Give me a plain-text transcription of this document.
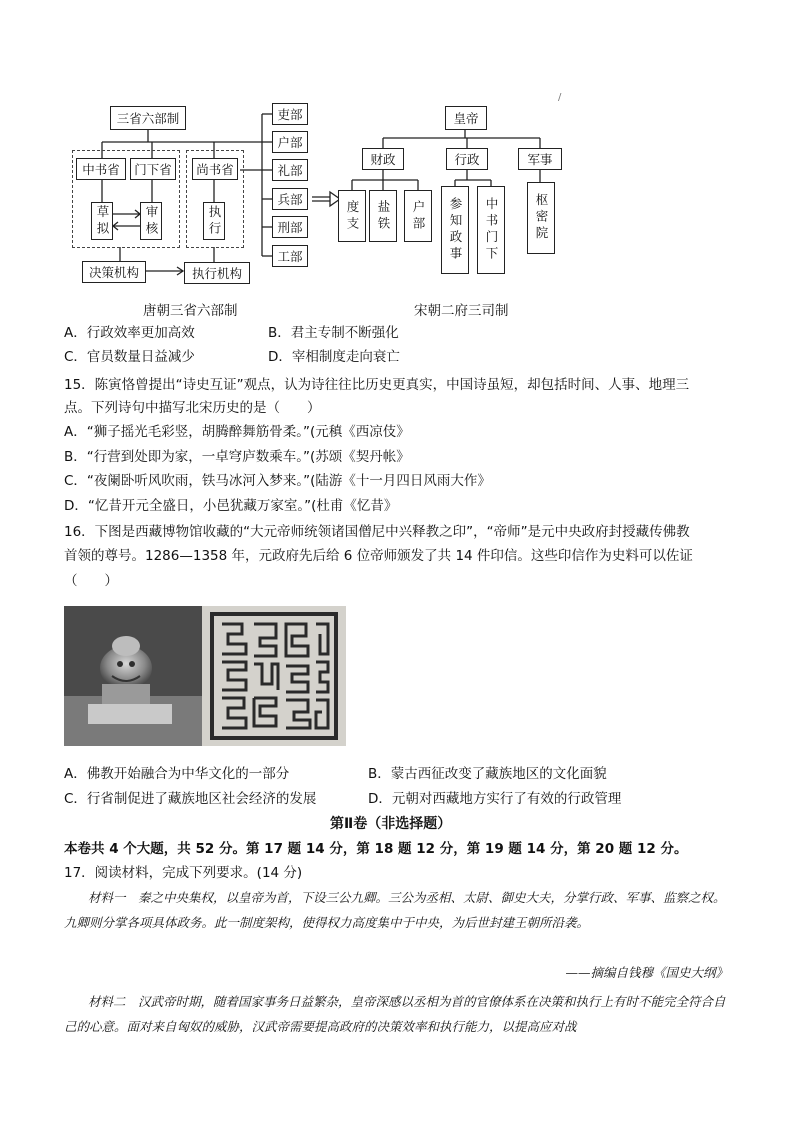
三省六部制
中书省	门下省	尚书省
草拟	审核	执行
决策机构	执行机构
吏部
户部
礼部
兵部
刑部
工部
皇帝
财政	行政	军事
度支	盐铁	户部	参知政事	中书门下	枢密院
唐朝三省六部制	宋朝二府三司制
A．行政效率更加高效	B．君主专制不断强化
C．官员数量日益减少	D．宰相制度走向衰亡
15．陈寅恪曾提出“诗史互证”观点，认为诗往往比历史更真实，中国诗虽短，却包括时间、人事、地理三
点。下列诗句中描写北宋历史的是（　　）
A．“狮子摇光毛彩竖，胡腾醉舞筋骨柔。”(元稹《西凉伎》
B．“行营到处即为家，一卓穹庐数乘车。”(苏颂《契丹帐》
C．“夜阑卧听风吹雨，铁马冰河入梦来。”(陆游《十一月四日风雨大作》
D．“忆昔开元全盛日，小邑犹藏万家室。”(杜甫《忆昔》
16．下图是西藏博物馆收藏的“大元帝师统领诸国僧尼中兴释教之印”，“帝师”是元中央政府封授藏传佛教
首领的尊号。1286—1358 年，元政府先后给 6 位帝师颁发了共 14 件印信。这些印信作为史料可以佐证
（　　）
A．佛教开始融合为中华文化的一部分	B．蒙古西征改变了藏族地区的文化面貌
C．行省制促进了藏族地区社会经济的发展	D．元朝对西藏地方实行了有效的行政管理
第Ⅱ卷（非选择题）
本卷共 4 个大题，共 52 分。第 17 题 14 分，第 18 题 12 分，第 19 题 14 分，第 20 题 12 分。
17．阅读材料，完成下列要求。(14 分)
材料一　秦之中央集权，以皇帝为首，下设三公九卿。三公为丞相、太尉、御史大夫，分掌行政、军事、监察之权。九卿则分掌各项具体政务。此一制度架构，使得权力高度集中于中央，为后世封建王朝所沿袭。
——摘编自钱穆《国史大纲》
材料二　汉武帝时期，随着国家事务日益繁杂，皇帝深感以丞相为首的官僚体系在决策和执行上有时不能完全符合自己的心意。面对来自匈奴的威胁，汉武帝需要提高政府的决策效率和执行能力，以提高应对战
/
